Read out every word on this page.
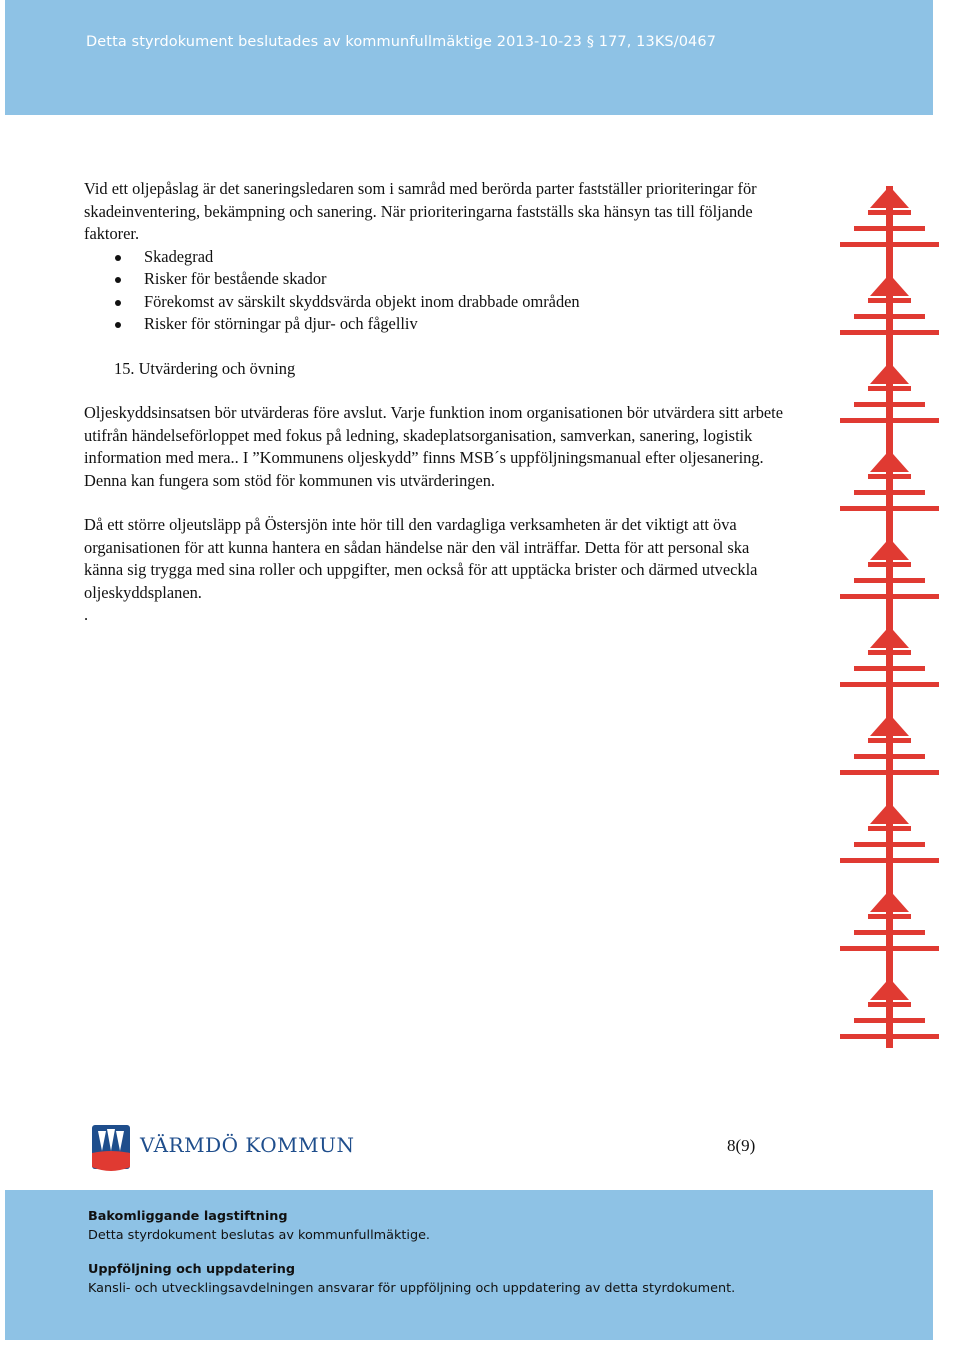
Detta styrdokument beslutades av kommunfullmäktige 2013-10-23 § 177, 13KS/0467

Vid ett oljepåslag är det saneringsledaren som i samråd med berörda parter fastställer prioriteringar för skadeinventering, bekämpning och sanering. När prioriteringarna fastställs ska hänsyn tas till följande faktorer.

Skadegrad
Risker för bestående skador
Förekomst av särskilt skyddsvärda objekt inom drabbade områden
Risker för störningar på djur- och fågelliv

15. Utvärdering och övning

Oljeskyddsinsatsen bör utvärderas före avslut. Varje funktion inom organisationen bör utvärdera sitt arbete utifrån händelseförloppet med fokus på ledning, skadeplatsorganisation, samverkan, sanering, logistik information med mera.. I ”Kommunens oljeskydd” finns MSB´s uppföljningsmanual efter oljesanering. Denna kan fungera som stöd för kommunen vis utvärderingen.

Då ett större oljeutsläpp på Östersjön inte hör till den vardagliga verksamheten är det viktigt att öva organisationen för att kunna hantera en sådan händelse när den väl inträffar. Detta för att personal ska känna sig trygga med sina roller och uppgifter, men också för att upptäcka brister och därmed utveckla oljeskyddsplanen.

.

VÄRMDÖ KOMMUN	8(9)
Bakomliggande lagstiftning
Detta styrdokument beslutas av kommunfullmäktige.
Uppföljning och uppdatering
Kansli- och utvecklingsavdelningen ansvarar för uppföljning och uppdatering av detta styrdokument.
